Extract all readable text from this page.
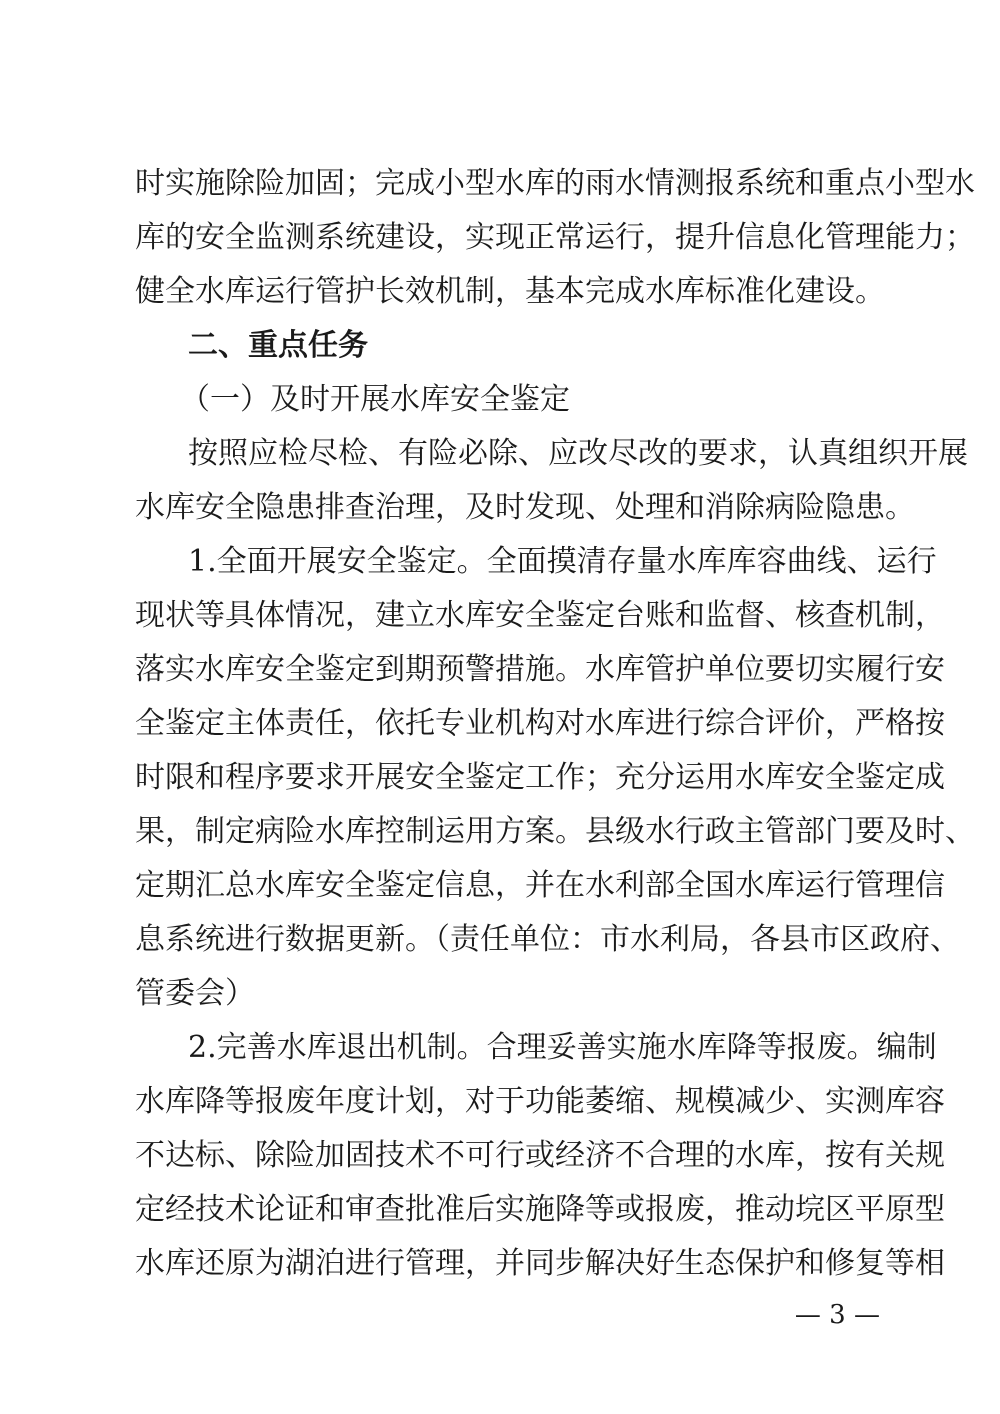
时实施除险加固；完成小型水库的雨水情测报系统和重点小型水
库的安全监测系统建设，实现正常运行，提升信息化管理能力；
健全水库运行管护长效机制，基本完成水库标准化建设。
二、重点任务
（一）及时开展水库安全鉴定
按照应检尽检、有险必除、应改尽改的要求，认真组织开展
水库安全隐患排查治理，及时发现、处理和消除病险隐患。
1.全面开展安全鉴定。全面摸清存量水库库容曲线、运行
现状等具体情况，建立水库安全鉴定台账和监督、核查机制，
落实水库安全鉴定到期预警措施。水库管护单位要切实履行安
全鉴定主体责任，依托专业机构对水库进行综合评价，严格按
时限和程序要求开展安全鉴定工作；充分运用水库安全鉴定成
果，制定病险水库控制运用方案。县级水行政主管部门要及时、
定期汇总水库安全鉴定信息，并在水利部全国水库运行管理信
息系统进行数据更新。（责任单位：市水利局，各县市区政府、
管委会）
2.完善水库退出机制。合理妥善实施水库降等报废。编制
水库降等报废年度计划，对于功能萎缩、规模减少、实测库容
不达标、除险加固技术不可行或经济不合理的水库，按有关规
定经技术论证和审查批准后实施降等或报废，推动垸区平原型
水库还原为湖泊进行管理，并同步解决好生态保护和修复等相
— 3 —
